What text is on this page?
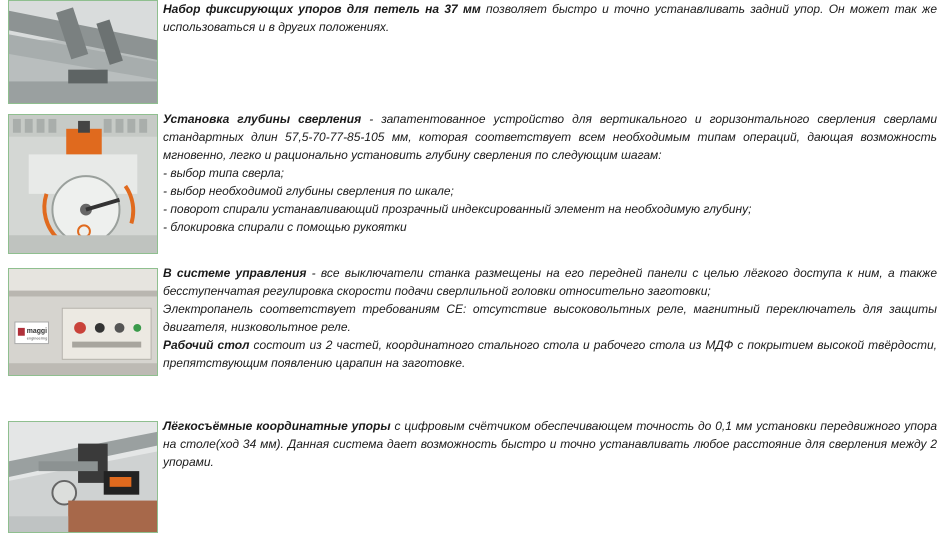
Набор фиксирующих упоров для петель на 37 мм позволяет быстро и точно устанавливать задний упор. Он может так же использоваться и в других положениях.

Установка глубины сверления - запатентованное устройство для вертикального и горизонтального сверления сверлами стандартных длин 57,5-70-77-85-105 мм, которая соответствует всем необходимым типам операций, дающая возможность мгновенно, легко и рационально установить глубину сверления по следующим шагам:

- выбор типа сверла;
- выбор необходимой глубины сверления по шкале;
- поворот спирали устанавливающий прозрачный индексированный элемент на необходимую глубину;
- блокировка спирали с помощью рукоятки
maggi
engineering

В системе управления - все выключатели станка размещены на его передней панели с целью лёгкого доступа к ним, а также бесступенчатая регулировка скорости подачи сверлильной головки относительно заготовки;

Электропанель соответствует требованиям CE: отсутствие высоковольтных реле, магнитный переключатель для защиты двигателя, низковольтное реле.

Рабочий стол состоит из 2 частей, координатного стального стола и рабочего стола из МДФ с покрытием высокой твёрдости, препятствующим появлению царапин на заготовке.

Лёгкосъёмные координатные упоры с цифровым счётчиком обеспечивающем точность до 0,1 мм установки передвижного упора на столе(ход 34 мм). Данная система дает возможность быстро и точно устанавливать любое расстояние для сверления между 2 упорами.
